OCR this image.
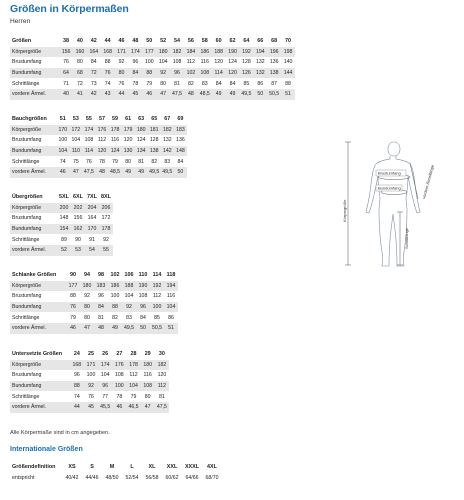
Größen in Körpermaßen
Herren
Größen	38	40	42	44	46	48	50	52	54	56	58	60	62	64	66	68	70
Körpergröße	156	160	164	168	171	174	177	180	182	184	186	188	190	192	194	196	198
Brustumfang	76	80	84	88	92	96	100	104	108	112	116	120	124	128	132	136	140
Bundumfang	64	68	72	76	80	84	88	92	96	102	108	114	120	126	132	138	144
Schrittlänge	71	72	73	74	76	78	79	80	81	82	83	84	84	85	86	87	88
vordere Ärmel.	40	41	42	43	44	45	46	47	47,5	48	48,5	49	49	49,5	50	50,5	51
Bauchgrößen	51	53	55	57	59	61	63	65	67	69
Körpergröße	170	172	174	176	178	179	180	181	182	183
Brustumfang	100	104	108	112	116	120	124	128	132	136
Bundumfang	104	110	114	120	124	130	134	138	142	148
Schrittlänge	74	75	76	78	79	80	81	82	83	84
vordere Ärmel.	46	47	47,5	48	48,5	49	49	49,5	49,5	50
Übergrößen	5XL	6XL	7XL	8XL
Körpergröße	200	202	204	206
Brustumfang	148	156	164	172
Bundumfang	154	162	170	178
Schrittlänge	89	90	91	92
vordere Ärmel.	52	53	54	55
Schlanke Größen	90	94	98	102	106	110	114	118
Körpergröße	177	180	183	186	188	190	192	194
Brustumfang	88	92	96	100	104	108	112	116
Bundumfang	76	80	84	88	92	96	100	104
Schrittlänge	79	80	81	82	83	84	85	86
vordere Ärmel.	46	47	48	49	49,5	50	50,5	51
Untersetzte Größen	24	25	26	27	28	29	30
Körpergröße	168	171	174	176	178	180	182
Brustumfang	96	100	104	108	112	116	120
Bundumfang	88	92	96	100	104	108	112
Schrittlänge	74	76	77	78	79	80	81
vordere Ärmel.	44	45	45,5	46	46,5	47	47,5
Alle Körpermaße sind in cm angegeben.
Internationale Größen
Größendefinition	XS	S	M	L	XL	XXL	XXXL	4XL
entspricht	40/42	44/46	48/50	52/54	56/58	60/62	64/66	68/70
Brustumfang
Bundumfang
Körpergröße
vordere Ärmellänge
Schrittlänge
